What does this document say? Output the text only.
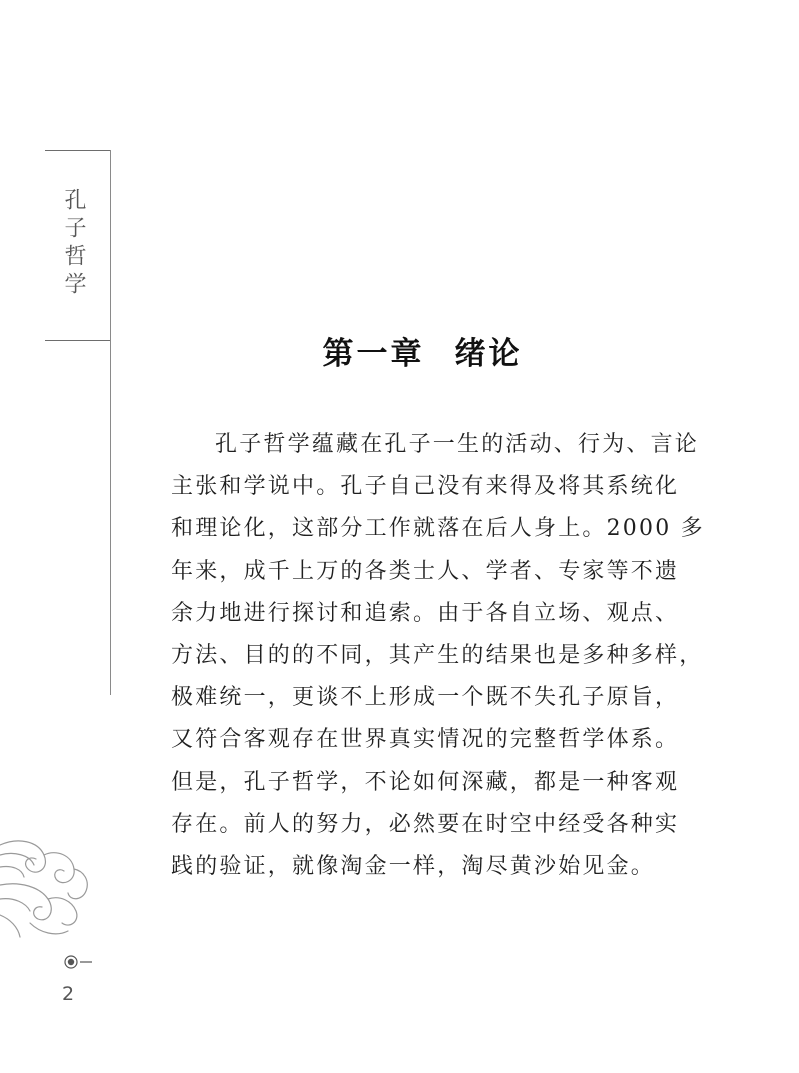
孔子哲学
第一章 绪论
孔子哲学蕴藏在孔子一生的活动、行为、言论
主张和学说中。孔子自己没有来得及将其系统化
和理论化，这部分工作就落在后人身上。2000 多
年来，成千上万的各类士人、学者、专家等不遗
余力地进行探讨和追索。由于各自立场、观点、
方法、目的的不同，其产生的结果也是多种多样，
极难统一，更谈不上形成一个既不失孔子原旨，
又符合客观存在世界真实情况的完整哲学体系。
但是，孔子哲学，不论如何深藏，都是一种客观
存在。前人的努力，必然要在时空中经受各种实
践的验证，就像淘金一样，淘尽黄沙始见金。
2
